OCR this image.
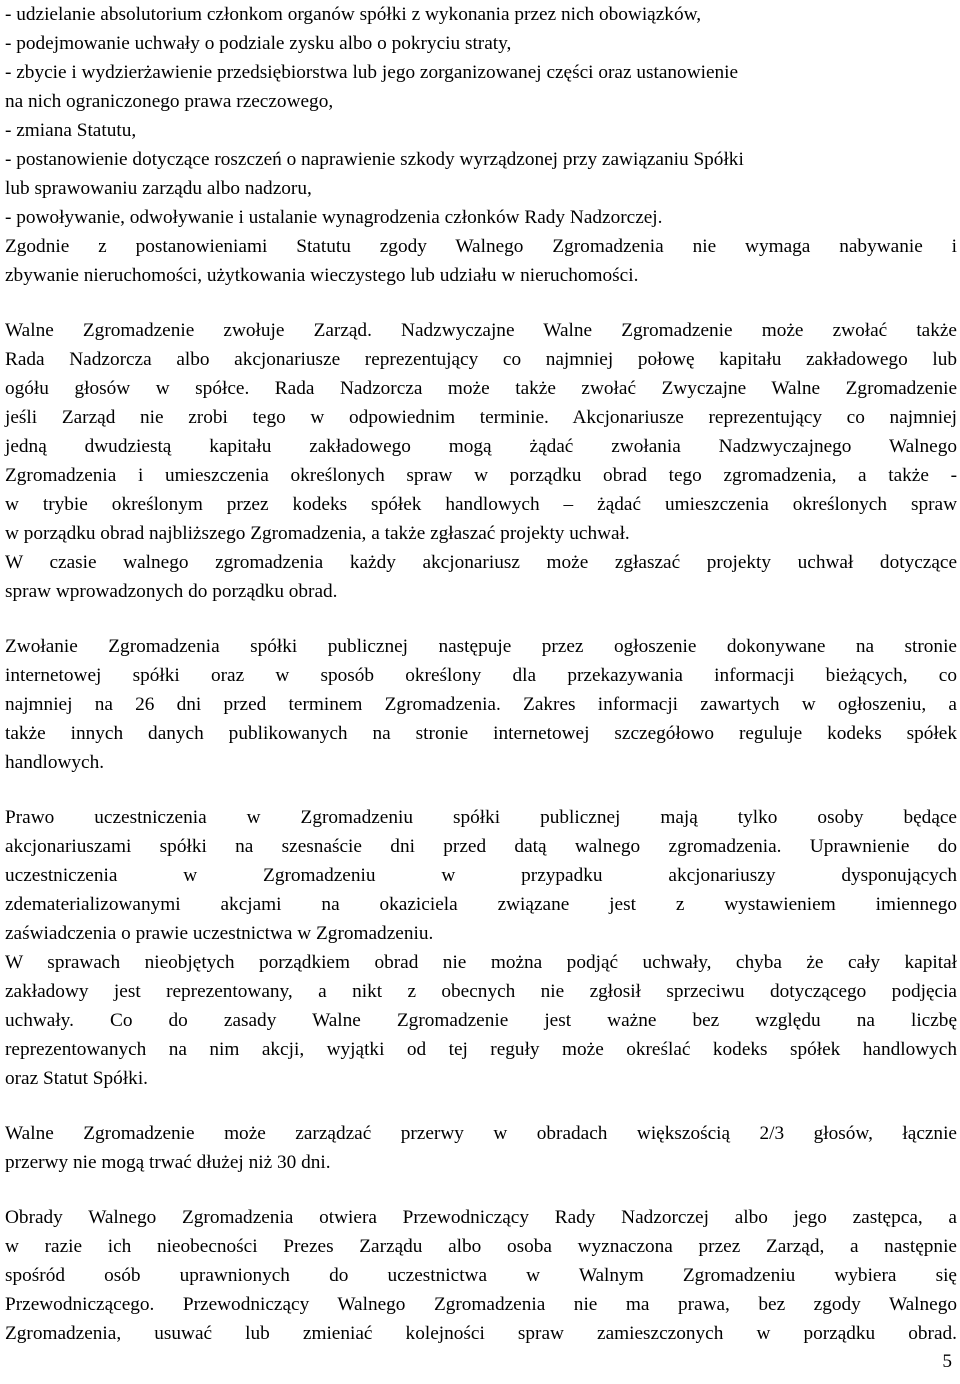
- udzielanie absolutorium członkom organów spółki z wykonania przez nich obowiązków,
- podejmowanie uchwały o podziale zysku albo o pokryciu straty,
- zbycie i wydzierżawienie przedsiębiorstwa lub jego zorganizowanej części oraz ustanowienie
na nich ograniczonego prawa rzeczowego,
- zmiana Statutu,
- postanowienie dotyczące roszczeń o naprawienie szkody wyrządzonej przy zawiązaniu Spółki
lub sprawowaniu zarządu albo nadzoru,
- powoływanie, odwoływanie i ustalanie wynagrodzenia członków Rady Nadzorczej.
Zgodnie z postanowieniami Statutu zgody Walnego Zgromadzenia nie wymaga nabywanie i
zbywanie nieruchomości, użytkowania wieczystego lub udziału w nieruchomości.
Walne Zgromadzenie zwołuje Zarząd. Nadzwyczajne Walne Zgromadzenie może zwołać także
Rada Nadzorcza albo akcjonariusze reprezentujący co najmniej połowę kapitału zakładowego lub
ogółu głosów w spółce. Rada Nadzorcza może także zwołać Zwyczajne Walne Zgromadzenie
jeśli Zarząd nie zrobi tego w odpowiednim terminie. Akcjonariusze reprezentujący co najmniej
jedną dwudziestą kapitału zakładowego mogą żądać zwołania Nadzwyczajnego Walnego
Zgromadzenia i umieszczenia określonych spraw w porządku obrad tego zgromadzenia, a także -
w trybie określonym przez kodeks spółek handlowych – żądać umieszczenia określonych spraw
w porządku obrad najbliższego Zgromadzenia, a także zgłaszać projekty uchwał.
W czasie walnego zgromadzenia każdy akcjonariusz może zgłaszać projekty uchwał dotyczące
spraw wprowadzonych do porządku obrad.
Zwołanie Zgromadzenia spółki publicznej następuje przez ogłoszenie dokonywane na stronie
internetowej spółki oraz w sposób określony dla przekazywania informacji bieżących, co
najmniej na 26 dni przed terminem Zgromadzenia. Zakres informacji zawartych w ogłoszeniu, a
także innych danych publikowanych na stronie internetowej szczegółowo reguluje kodeks spółek
handlowych.
Prawo uczestniczenia w Zgromadzeniu spółki publicznej mają tylko osoby będące
akcjonariuszami spółki na szesnaście dni przed datą walnego zgromadzenia. Uprawnienie do
uczestniczenia w Zgromadzeniu w przypadku akcjonariuszy dysponujących
zdematerializowanymi akcjami na okaziciela związane jest z wystawieniem imiennego
zaświadczenia o prawie uczestnictwa w Zgromadzeniu.
W sprawach nieobjętych porządkiem obrad nie można podjąć uchwały, chyba że cały kapitał
zakładowy jest reprezentowany, a nikt z obecnych nie zgłosił sprzeciwu dotyczącego podjęcia
uchwały. Co do zasady Walne Zgromadzenie jest ważne bez względu na liczbę
reprezentowanych na nim akcji, wyjątki od tej reguły może określać kodeks spółek handlowych
oraz Statut Spółki.
Walne Zgromadzenie może zarządzać przerwy w obradach większością 2/3 głosów, łącznie
przerwy nie mogą trwać dłużej niż 30 dni.
Obrady Walnego Zgromadzenia otwiera Przewodniczący Rady Nadzorczej albo jego zastępca, a
w razie ich nieobecności Prezes Zarządu albo osoba wyznaczona przez Zarząd, a następnie
spośród osób uprawnionych do uczestnictwa w Walnym Zgromadzeniu wybiera się
Przewodniczącego. Przewodniczący Walnego Zgromadzenia nie ma prawa, bez zgody Walnego
Zgromadzenia, usuwać lub zmieniać kolejności spraw zamieszczonych w porządku obrad.
5
